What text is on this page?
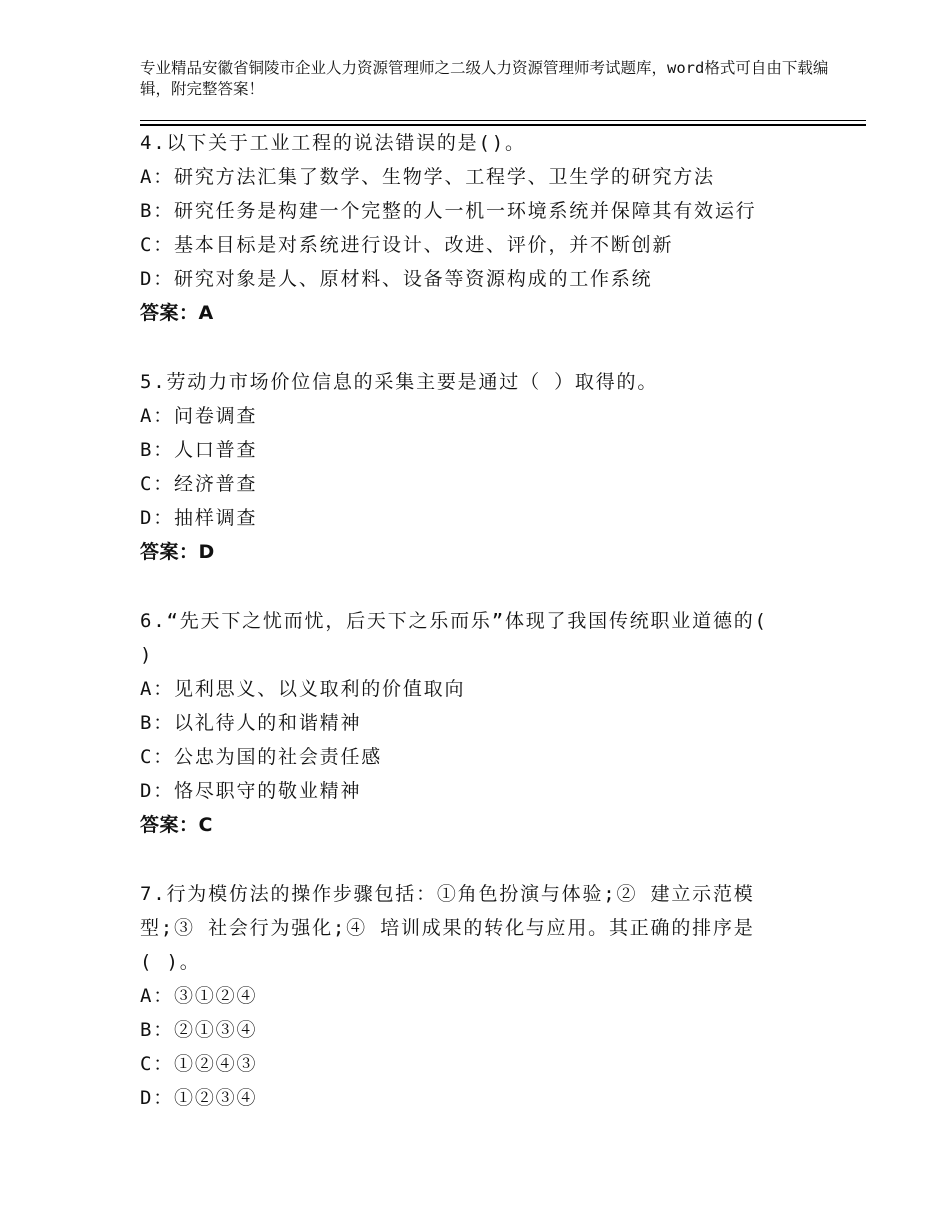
专业精品安徽省铜陵市企业人力资源管理师之二级人力资源管理师考试题库，word格式可自由下载编辑，附完整答案！
4.以下关于工业工程的说法错误的是()。
A：研究方法汇集了数学、生物学、工程学、卫生学的研究方法
B：研究任务是构建一个完整的人一机一环境系统并保障其有效运行
C：基本目标是对系统进行设计、改进、评价，并不断创新
D：研究对象是人、原材料、设备等资源构成的工作系统
答案：A
5.劳动力市场价位信息的采集主要是通过（ ）取得的。
A：问卷调查
B：人口普查
C：经济普查
D：抽样调查
答案：D
6.“先天下之忧而忧，后天下之乐而乐”体现了我国传统职业道德的(
)
A：见利思义、以义取利的价值取向
B：以礼待人的和谐精神
C：公忠为国的社会责任感
D：恪尽职守的敬业精神
答案：C
7.行为模仿法的操作步骤包括：①角色扮演与体验;② 建立示范模
型;③ 社会行为强化;④ 培训成果的转化与应用。其正确的排序是
( )。
A：③①②④
B：②①③④
C：①②④③
D：①②③④
